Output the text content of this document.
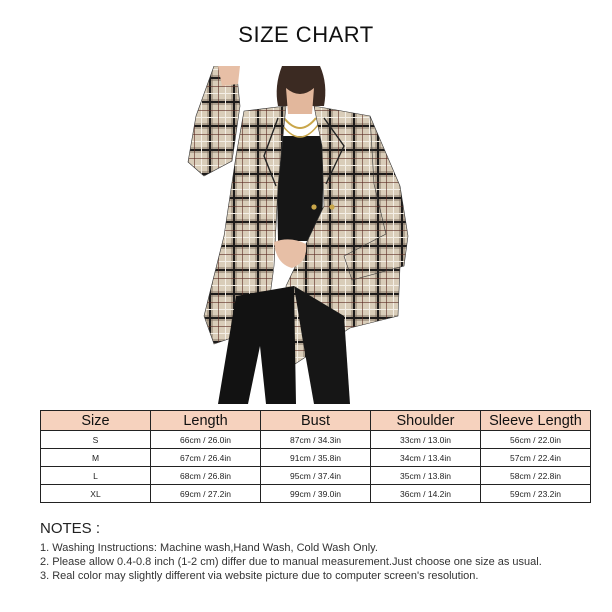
SIZE CHART
Size	Length	Bust	Shoulder	Sleeve Length
S	66cm / 26.0in	87cm / 34.3in	33cm / 13.0in	56cm / 22.0in
M	67cm / 26.4in	91cm / 35.8in	34cm / 13.4in	57cm / 22.4in
L	68cm / 26.8in	95cm / 37.4in	35cm / 13.8in	58cm / 22.8in
XL	69cm / 27.2in	99cm / 39.0in	36cm / 14.2in	59cm / 23.2in
NOTES :
1. Washing Instructions: Machine wash,Hand Wash, Cold Wash Only.
2. Please allow 0.4-0.8 inch (1-2 cm) differ due to manual measurement.Just choose one size as usual.
3. Real color may slightly different via website picture due to computer screen's resolution.
